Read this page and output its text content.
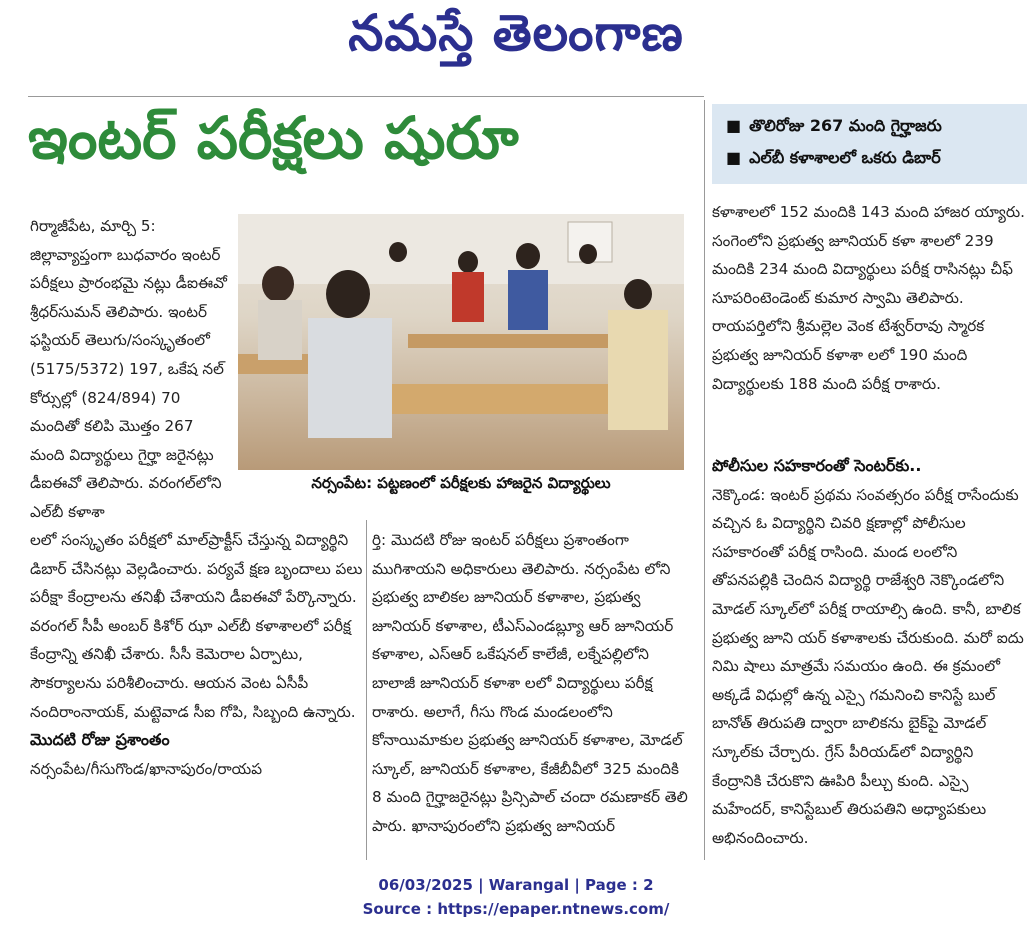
నమస్తే తెలంగాణ
ఇంటర్ పరీక్షలు షురూ	■ తొలిరోజు 267 మంది గైర్హాజరు
■ ఎల్‌బీ కళాశాలలో ఒకరు డిబార్

గిర్మాజీపేట, మార్చి 5: జిల్లావ్యాప్తంగా బుధవారం ఇంటర్ పరీక్షలు ప్రారంభమై నట్లు డీఐఈవో శ్రీధర్‌సుమన్ తెలిపారు. ఇంటర్ ఫస్టియర్ తెలుగు/సంస్కృతంలో (5175/5372) 197, ఒకేష నల్ కోర్సుల్లో (824/894) 70 మందితో కలిపి మొత్తం 267 మంది విద్యార్థులు గైర్హా జరైనట్లు డీఐఈవో తెలిపారు. వరంగల్‌లోని ఎల్‌బీ కళాశా

నర్సంపేట: పట్టణంలో పరీక్షలకు హాజరైన విద్యార్థులు

లలో సంస్కృతం పరీక్షలో మాల్‌ప్రాక్టీస్ చేస్తున్న విద్యార్థిని డిబార్ చేసినట్లు వెల్లడించారు. పర్యవే క్షణ బృందాలు పలు పరీక్షా కేంద్రాలను తనిఖీ చేశాయని డీఐఈవో పేర్కొన్నారు. వరంగల్ సీపీ అంబర్ కిశోర్ ఝా ఎల్‌బీ కళాశాలలో పరీక్ష కేంద్రాన్ని తనిఖీ చేశారు. సీసీ కెమెరాల ఏర్పాటు, సౌకర్యాలను పరిశీలించారు. ఆయన వెంట ఏసీపీ నందిరాంనాయక్, మట్టెవాడ సీఐ గోపి, సిబ్బంది ఉన్నారు.

మొదటి రోజు ప్రశాంతం

నర్సంపేట/గీసుగొండ/ఖానాపురం/రాయప

ర్తి: మొదటి రోజు ఇంటర్ పరీక్షలు ప్రశాంతంగా ముగిశాయని అధికారులు తెలిపారు. నర్సంపేట లోని ప్రభుత్వ బాలికల జూనియర్ కళాశాల, ప్రభుత్వ జూనియర్ కళాశాల, టీఎస్‌ఎండబ్ల్యూ ఆర్ జూనియర్ కళాశాల, ఎస్‌ఆర్ ఒకేషనల్ కాలేజీ, లక్నేపల్లిలోని బాలాజీ జూనియర్ కళాశా లలో విద్యార్థులు పరీక్ష రాశారు. అలాగే, గీసు గొండ మండలంలోని కోనాయిమాకుల ప్రభుత్వ జూనియర్ కళాశాల, మోడల్ స్కూల్, జూనియర్ కళాశాల, కేజీబీవీలో 325 మందికి 8 మంది గైర్హాజరైనట్లు ప్రిన్సిపాల్ చందా రమణాకర్ తెలి పారు. ఖానాపురంలోని ప్రభుత్వ జూనియర్

కళాశాలలో 152 మందికి 143 మంది హాజర య్యారు. సంగెంలోని ప్రభుత్వ జూనియర్ కళా శాలలో 239 మందికి 234 మంది విద్యార్థులు పరీక్ష రాసినట్లు చీఫ్ సూపరింటెండెంట్ కుమార స్వామి తెలిపారు. రాయపర్తిలోని శ్రీమల్లెల వెంక టేశ్వర్‌రావు స్మారక ప్రభుత్వ జూనియర్ కళాశా లలో 190 మంది విద్యార్థులకు 188 మంది పరీక్ష రాశారు.

పోలీసుల సహకారంతో సెంటర్‌కు..

నెక్కొండ: ఇంటర్ ప్రథమ సంవత్సరం పరీక్ష రాసేందుకు వచ్చిన ఓ విద్యార్థిని చివరి క్షణాల్లో పోలీసుల సహకారంతో పరీక్ష రాసింది. మండ లంలోని తోపనపల్లికి చెందిన విద్యార్థి రాజేశ్వరి నెక్కొండలోని మోడల్ స్కూల్‌లో పరీక్ష రాయాల్సి ఉంది. కానీ, బాలిక ప్రభుత్వ జూని యర్ కళాశాలకు చేరుకుంది. మరో ఐదు నిమి షాలు మాత్రమే సమయం ఉంది. ఈ క్రమంలో అక్కడే విధుల్లో ఉన్న ఎస్సై గమనించి కానిస్టే బుల్ బానోత్ తిరుపతి ద్వారా బాలికను బైక్‌పై మోడల్ స్కూల్‌కు చేర్చారు. గ్రేస్ పీరియడ్‌లో విద్యార్థిని కేంద్రానికి చేరుకొని ఊపిరి పీల్చు కుంది. ఎస్సై మహేందర్, కానిస్టేబుల్ తిరుపతిని అధ్యాపకులు అభినందించారు.

06/03/2025 | Warangal | Page : 2
Source : https://epaper.ntnews.com/
